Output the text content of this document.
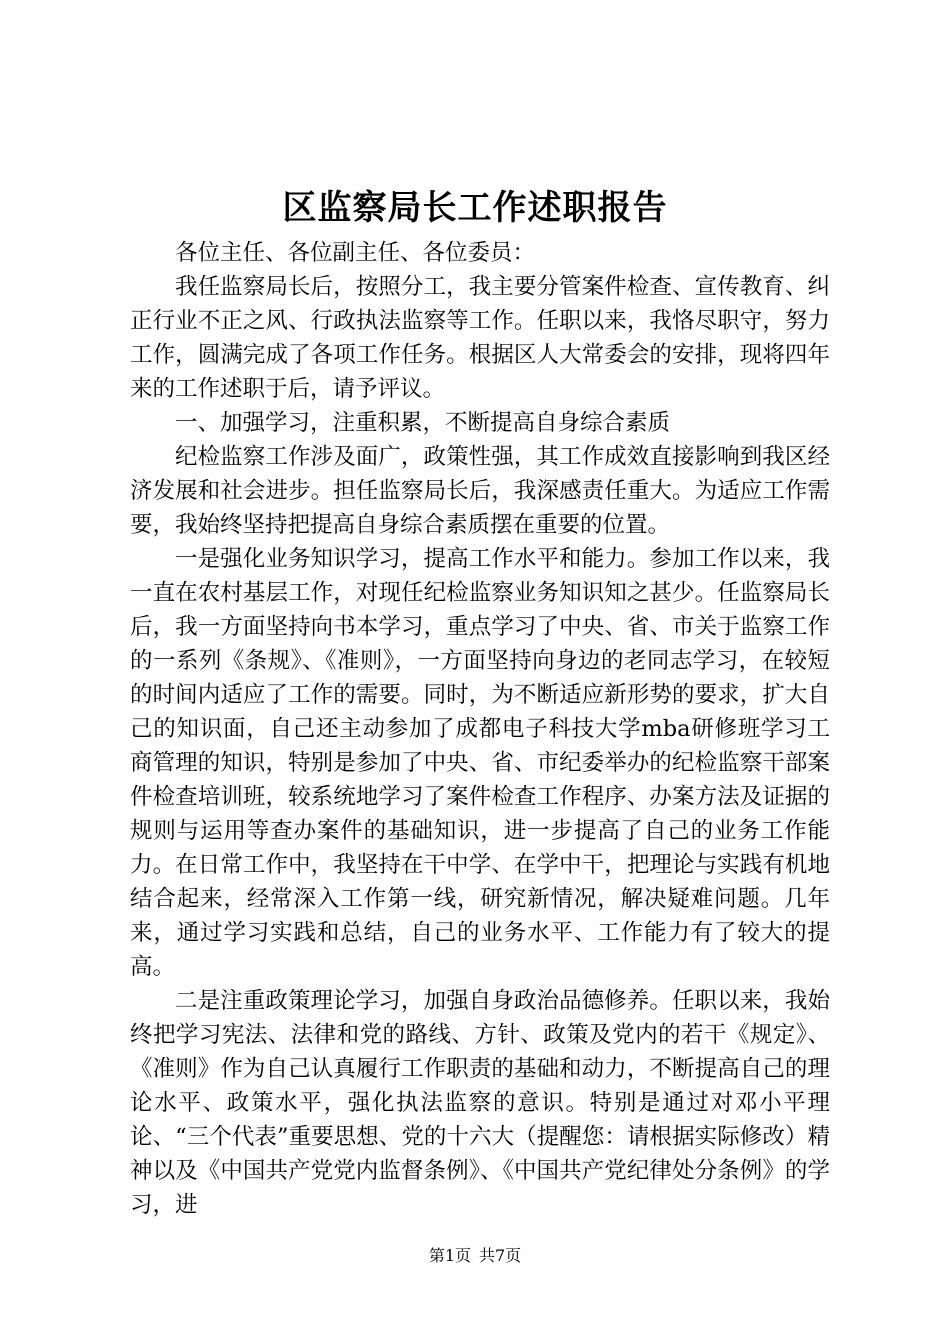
区监察局长工作述职报告

各位主任、各位副主任、各位委员：

我任监察局长后，按照分工，我主要分管案件检查、宣传教育、纠正行业不正之风、行政执法监察等工作。任职以来，我恪尽职守，努力工作，圆满完成了各项工作任务。根据区人大常委会的安排，现将四年来的工作述职于后，请予评议。

一、加强学习，注重积累，不断提高自身综合素质

纪检监察工作涉及面广，政策性强，其工作成效直接影响到我区经济发展和社会进步。担任监察局长后，我深感责任重大。为适应工作需要，我始终坚持把提高自身综合素质摆在重要的位置。

一是强化业务知识学习，提高工作水平和能力。参加工作以来，我一直在农村基层工作，对现任纪检监察业务知识知之甚少。任监察局长后，我一方面坚持向书本学习，重点学习了中央、省、市关于监察工作的一系列《条规》、《准则》，一方面坚持向身边的老同志学习，在较短的时间内适应了工作的需要。同时，为不断适应新形势的要求，扩大自己的知识面，自己还主动参加了成都电子科技大学mba研修班学习工商管理的知识，特别是参加了中央、省、市纪委举办的纪检监察干部案件检查培训班，较系统地学习了案件检查工作程序、办案方法及证据的规则与运用等查办案件的基础知识，进一步提高了自己的业务工作能力。在日常工作中，我坚持在干中学、在学中干，把理论与实践有机地结合起来，经常深入工作第一线，研究新情况，解决疑难问题。几年来，通过学习实践和总结，自己的业务水平、工作能力有了较大的提高。

二是注重政策理论学习，加强自身政治品德修养。任职以来，我始终把学习宪法、法律和党的路线、方针、政策及党内的若干《规定》、《准则》作为自己认真履行工作职责的基础和动力，不断提高自己的理论水平、政策水平，强化执法监察的意识。特别是通过对邓小平理论、“三个代表”重要思想、党的十六大（提醒您：请根据实际修改）精神以及《中国共产党党内监督条例》、《中国共产党纪律处分条例》的学习，进

第1页 共7页
